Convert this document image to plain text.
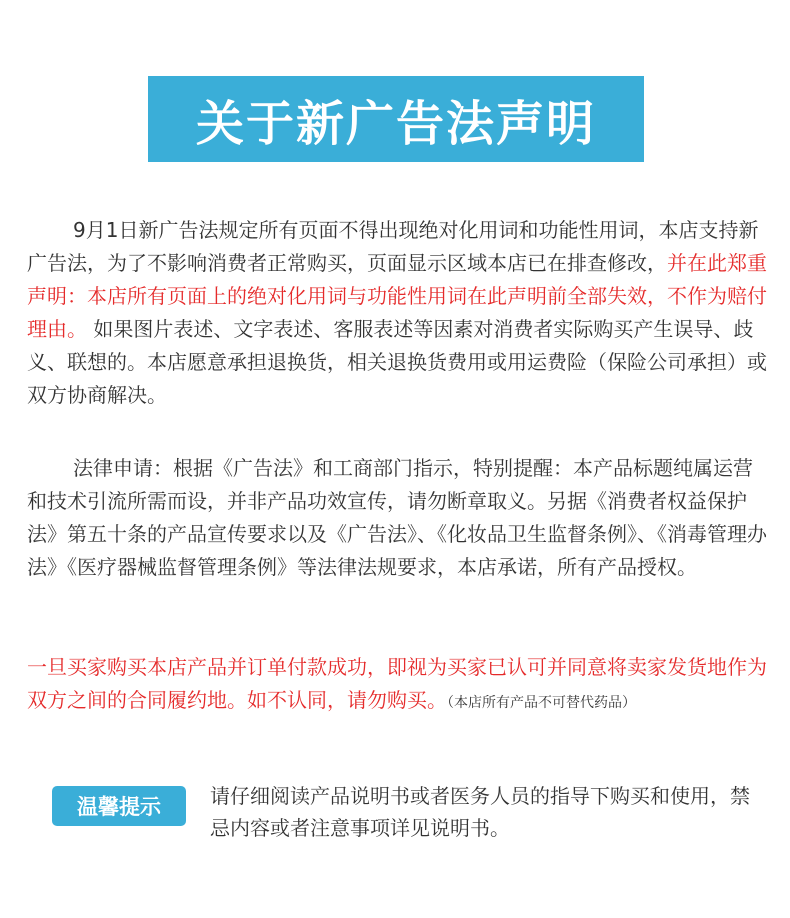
关于新广告法声明

9月1日新广告法规定所有页面不得出现绝对化用词和功能性用词，本店支持新广告法，为了不影响消费者正常购买，页面显示区域本店已在排查修改，并在此郑重声明：本店所有页面上的绝对化用词与功能性用词在此声明前全部失效，不作为赔付理由。 如果图片表述、文字表述、客服表述等因素对消费者实际购买产生误导、歧义、联想的。本店愿意承担退换货，相关退换货费用或用运费险（保险公司承担）或双方协商解决。

法律申请：根据《广告法》和工商部门指示，特别提醒：本产品标题纯属运营和技术引流所需而设，并非产品功效宣传，请勿断章取义。另据《消费者权益保护法》第五十条的产品宣传要求以及《广告法》、《化妆品卫生监督条例》、《消毒管理办法》《医疗器械监督管理条例》等法律法规要求，本店承诺，所有产品授权。

一旦买家购买本店产品并订单付款成功，即视为买家已认可并同意将卖家发货地作为双方之间的合同履约地。如不认同，请勿购买。（本店所有产品不可替代药品）

温馨提示 请仔细阅读产品说明书或者医务人员的指导下购买和使用，禁忌内容或者注意事项详见说明书。
